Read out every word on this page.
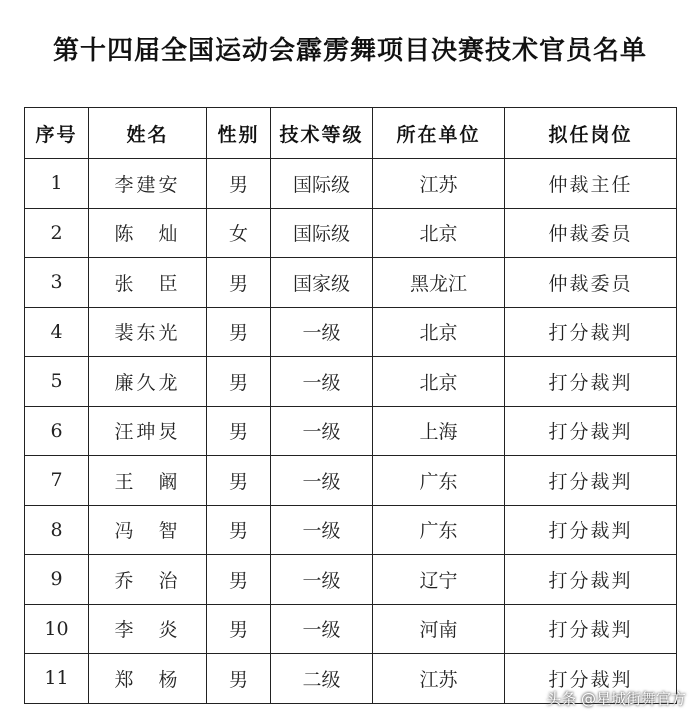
第十四届全国运动会霹雳舞项目决赛技术官员名单
序号	姓名	性别	技术等级	所在单位	拟任岗位
1	李建安	男	国际级	江苏	仲裁主任
2	陈　灿	女	国际级	北京	仲裁委员
3	张　臣	男	国家级	黑龙江	仲裁委员
4	裴东光	男	一级	北京	打分裁判
5	廉久龙	男	一级	北京	打分裁判
6	汪珅炅	男	一级	上海	打分裁判
7	王　阚	男	一级	广东	打分裁判
8	冯　智	男	一级	广东	打分裁判
9	乔　治	男	一级	辽宁	打分裁判
10	李　炎	男	一级	河南	打分裁判
11	郑　杨	男	二级	江苏	打分裁判
头条 @星城街舞官方
